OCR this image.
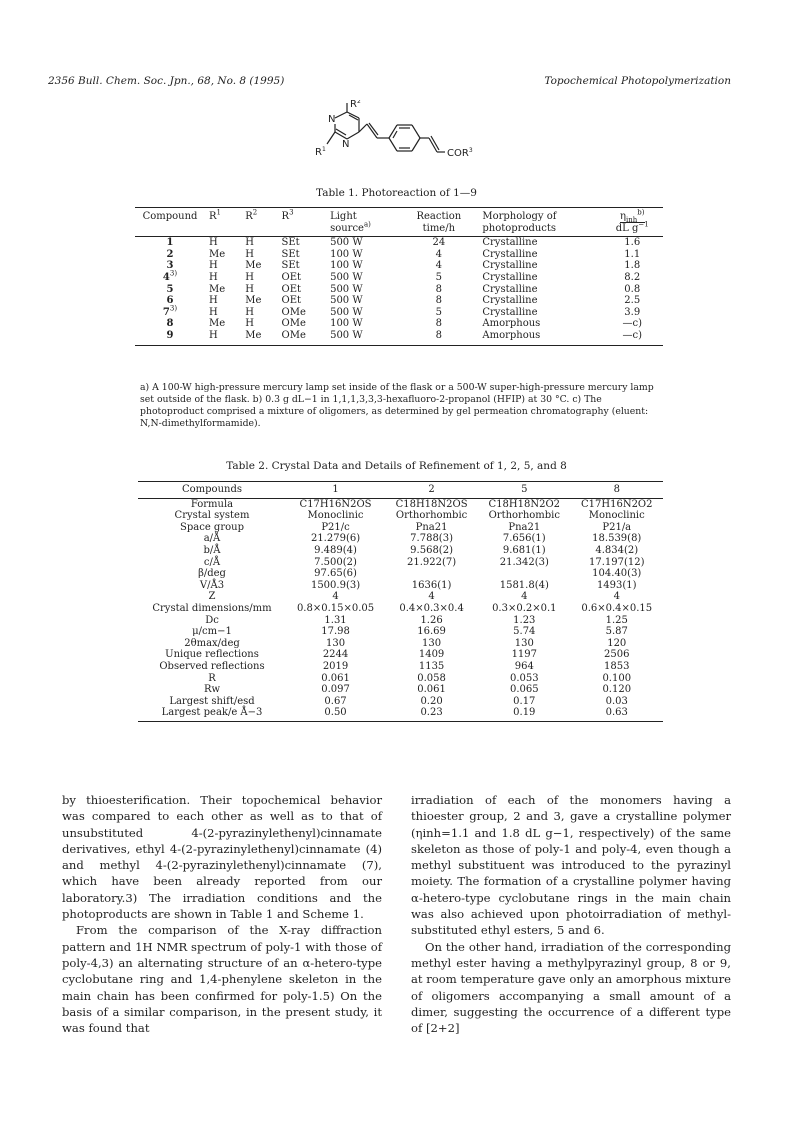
2356 Bull. Chem. Soc. Jpn., 68, No. 8 (1995)	Topochemical Photopolymerization
$R^2$
N
N
$R^1$	COR$^3$
Table 1. Photoreaction of 1—9
Compound	$R^1$	$R^2$	$R^3$	Light	Reaction	Morphology of	$\eta_{inh}^{b)}$
				source$^{a)}$	time/h	photoproducts	dL $g^{-1}$
1	H	H	SEt	500 W	24	Crystalline	1.6
2	Me	H	SEt	100 W	4	Crystalline	1.1
3	H	Me	SEt	100 W	4	Crystalline	1.8
4$^{3)}$	H	H	OEt	500 W	5	Crystalline	8.2
5	Me	H	OEt	500 W	8	Crystalline	0.8
6	H	Me	OEt	500 W	8	Crystalline	2.5
7$^{3)}$	H	H	OMe	500 W	5	Crystalline	3.9
8	Me	H	OMe	100 W	8	Amorphous	—c)
9	H	Me	OMe	500 W	8	Amorphous	—c)
a) A 100-W high-pressure mercury lamp set inside of the flask or a 500-W super-high-pressure mercury lamp set outside of the flask. b) 0.3 g dL−1 in 1,1,1,3,3,3-hexafluoro-2-propanol (HFIP) at 30 °C. c) The photoproduct comprised a mixture of oligomers, as determined by gel permeation chromatography (eluent: N,N-dimethylformamide).
Table 2. Crystal Data and Details of Refinement of 1, 2, 5, and 8
Compounds	1	2	5	8
Formula	C17H16N2OS	C18H18N2OS	C18H18N2O2	C17H16N2O2
Crystal system	Monoclinic	Orthorhombic	Orthorhombic	Monoclinic
Space group	P21/c	Pna21	Pna21	P21/a
a/Å	21.279(6)	7.788(3)	7.656(1)	18.539(8)
b/Å	9.489(4)	9.568(2)	9.681(1)	4.834(2)
c/Å	7.500(2)	21.922(7)	21.342(3)	17.197(12)
β/deg	97.65(6)			104.40(3)
V/Å3	1500.9(3)	1636(1)	1581.8(4)	1493(1)
Z	4	4	4	4
Crystal dimensions/mm	0.8×0.15×0.05	0.4×0.3×0.4	0.3×0.2×0.1	0.6×0.4×0.15
Dc	1.31	1.26	1.23	1.25
μ/cm−1	17.98	16.69	5.74	5.87
2θmax/deg	130	130	130	120
Unique reflections	2244	1409	1197	2506
Observed reflections	2019	1135	964	1853
R	0.061	0.058	0.053	0.100
Rw	0.097	0.061	0.065	0.120
Largest shift/esd	0.67	0.20	0.17	0.03
Largest peak/e Å−3	0.50	0.23	0.19	0.63

by thioesterification. Their topochemical behavior was compared to each other as well as to that of unsubstituted 4-(2-pyrazinylethenyl)cinnamate derivatives, ethyl 4-(2-pyrazinylethenyl)cinnamate (4) and methyl 4-(2-pyrazinylethenyl)cinnamate (7), which have been already reported from our laboratory.3) The irradiation conditions and the photoproducts are shown in Table 1 and Scheme 1.

From the comparison of the X-ray diffraction pattern and 1H NMR spectrum of poly-1 with those of poly-4,3) an alternating structure of an α-hetero-type cyclobutane ring and 1,4-phenylene skeleton in the main chain has been confirmed for poly-1.5) On the basis of a similar comparison, in the present study, it was found that

irradiation of each of the monomers having a thioester group, 2 and 3, gave a crystalline polymer (ηinh=1.1 and 1.8 dL g−1, respectively) of the same skeleton as those of poly-1 and poly-4, even though a methyl substituent was introduced to the pyrazinyl moiety. The formation of a crystalline polymer having α-hetero-type cyclobutane rings in the main chain was also achieved upon photoirradiation of methyl-substituted ethyl esters, 5 and 6.

On the other hand, irradiation of the corresponding methyl ester having a methylpyrazinyl group, 8 or 9, at room temperature gave only an amorphous mixture of oligomers accompanying a small amount of a dimer, suggesting the occurrence of a different type of [2+2]
